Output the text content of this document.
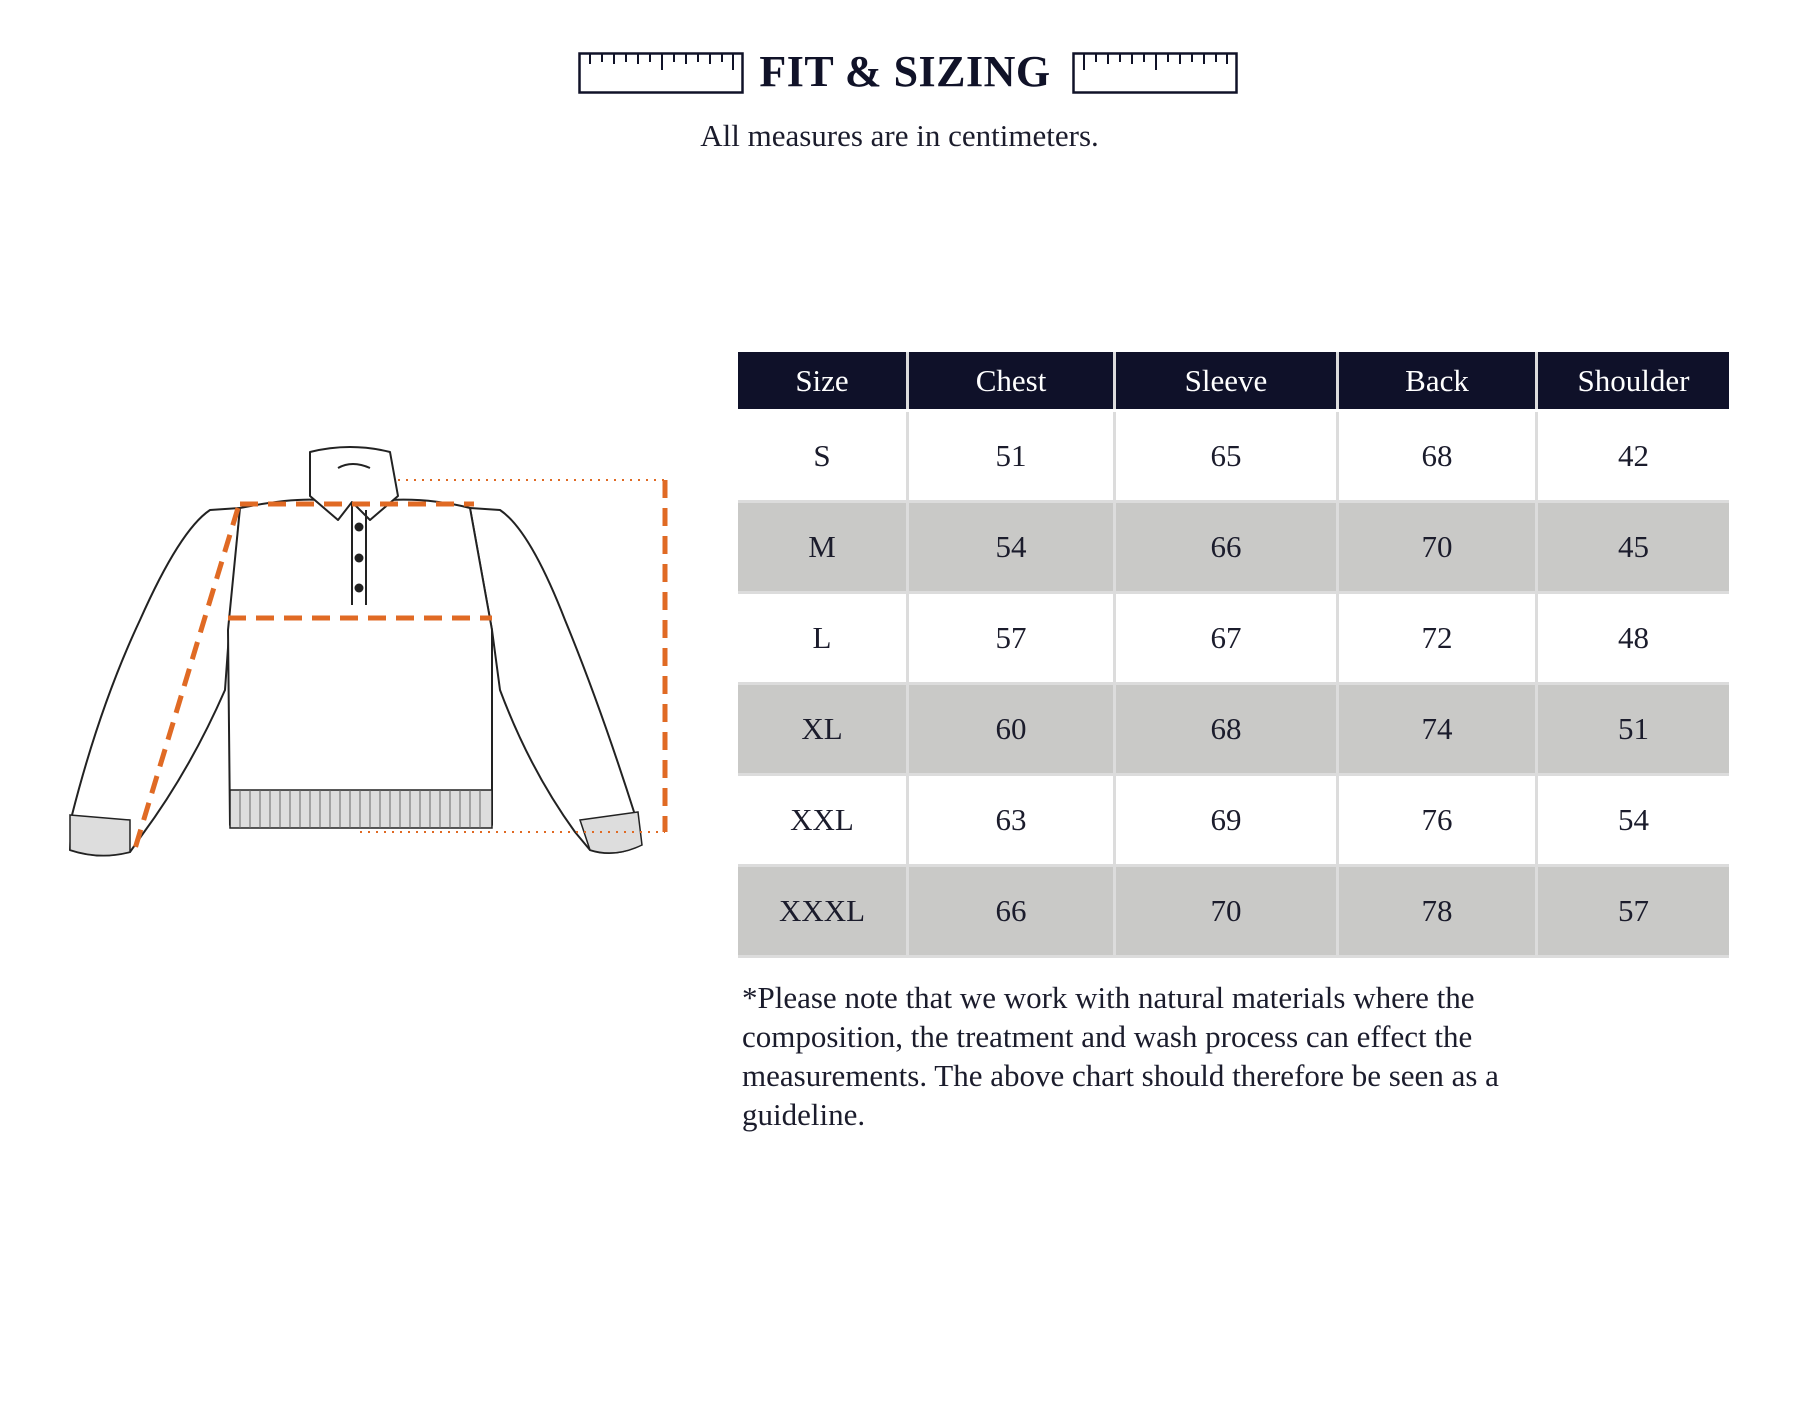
FIT & SIZING
All measures are in centimeters.
Size	Chest	Sleeve	Back	Shoulder
S	51	65	68	42
M	54	66	70	45
L	57	67	72	48
XL	60	68	74	51
XXL	63	69	76	54
XXXL	66	70	78	57
*Please note that we work with natural materials where the composition, the treatment and wash process can effect the measurements. The above chart should therefore be seen as a guideline.
